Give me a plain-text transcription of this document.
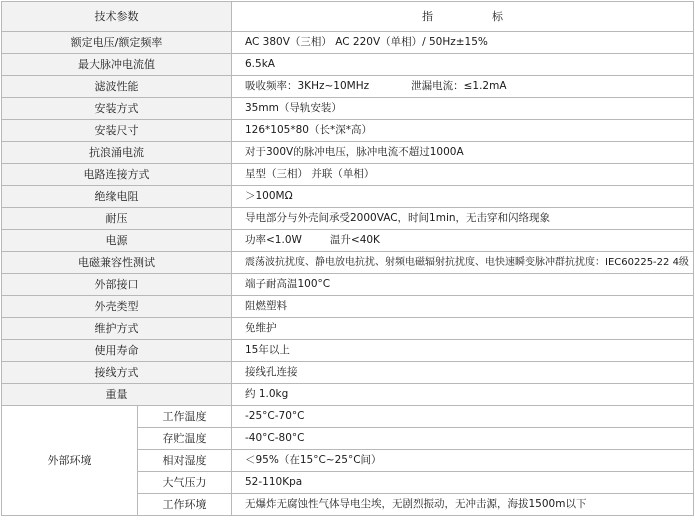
技术参数		指　标
额定电压/额定频率		AC 380V（三相） AC 220V（单相）/ 50Hz±15%
最大脉冲电流值		6.5kA
滤波性能		吸收频率：3KHz~10MHz 泄漏电流：≤1.2mA
安装方式		35mm（导轨安装）
安装尺寸		126*105*80（长*深*高）
抗浪涌电流		对于300V的脉冲电压，脉冲电流不超过1000A
电路连接方式		星型（三相） 并联（单相）
绝缘电阻		＞100MΩ
耐压		导电部分与外壳间承受2000VAC，时间1min，无击穿和闪络现象
电源		功率<1.0W 温升<40K
电磁兼容性测试		震荡波抗扰度、静电放电抗扰、射频电磁辐射抗扰度、电快速瞬变脉冲群抗扰度：IEC60225-22 4级
外部接口		端子耐高温100°C
外壳类型		阻燃塑料
维护方式		免维护
使用寿命		15年以上
接线方式		接线孔连接
重量		约 1.0kg
外部环境	工作温度	-25°C-70°C
	存贮温度	-40°C-80°C
	相对湿度	＜95%（在15°C~25°C间）
	大气压力	52-110Kpa
	工作环境	无爆炸无腐蚀性气体导电尘埃，无剧烈振动，无冲击源，海拔1500m以下
